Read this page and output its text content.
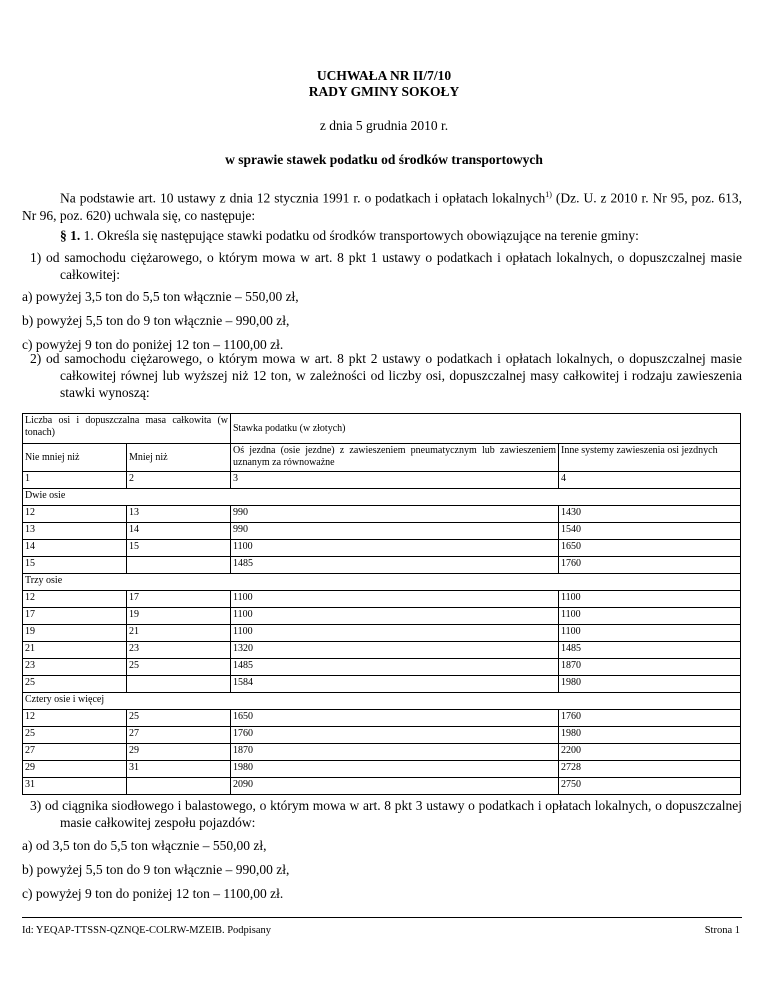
UCHWAŁA NR II/7/10
RADY GMINY SOKOŁY
z dnia 5 grudnia 2010 r.
w sprawie stawek podatku od środków transportowych
Na podstawie art. 10 ustawy z dnia 12 stycznia 1991 r. o podatkach i opłatach lokalnych$^{1)}$ (Dz. U. z 2010 r. Nr 95, poz. 613, Nr 96, poz. 620) uchwala się, co następuje:
§ 1. 1. Określa się następujące stawki podatku od środków transportowych obowiązujące na terenie gminy:
1) od samochodu ciężarowego, o którym mowa w art. 8 pkt 1 ustawy o podatkach i opłatach lokalnych, o dopuszczalnej masie całkowitej:
a) powyżej 3,5 ton do 5,5 ton włącznie – 550,00 zł,
b) powyżej 5,5 ton do 9 ton włącznie – 990,00 zł,
c) powyżej 9 ton do poniżej 12 ton – 1100,00 zł.
2) od samochodu ciężarowego, o którym mowa w art. 8 pkt 2 ustawy o podatkach i opłatach lokalnych, o dopuszczalnej masie całkowitej równej lub wyższej niż 12 ton, w zależności od liczby osi, dopuszczalnej masy całkowitej i rodzaju zawieszenia stawki wynoszą:
Liczba osi i dopuszczalna masa całkowita (w tonach)		Stawka podatku (w złotych)	
Nie mniej niż	Mniej niż	Oś jezdna (osie jezdne) z zawieszeniem pneumatycznym lub zawieszeniem uznanym za równoważne	Inne systemy zawieszenia osi jezdnych
1	2	3	4
Dwie osie			
12	13	990	1430
13	14	990	1540
14	15	1100	1650
15		1485	1760
Trzy osie			
12	17	1100	1100
17	19	1100	1100
19	21	1100	1100
21	23	1320	1485
23	25	1485	1870
25		1584	1980
Cztery osie i więcej			
12	25	1650	1760
25	27	1760	1980
27	29	1870	2200
29	31	1980	2728
31		2090	2750
3) od ciągnika siodłowego i balastowego, o którym mowa w art. 8 pkt 3 ustawy o podatkach i opłatach lokalnych, o dopuszczalnej masie całkowitej zespołu pojazdów:
a) od 3,5 ton do 5,5 ton włącznie – 550,00 zł,
b) powyżej 5,5 ton do 9 ton włącznie – 990,00 zł,
c) powyżej 9 ton do poniżej 12 ton – 1100,00 zł.
Id: YEQAP-TTSSN-QZNQE-COLRW-MZEIB. Podpisany	Strona 1
